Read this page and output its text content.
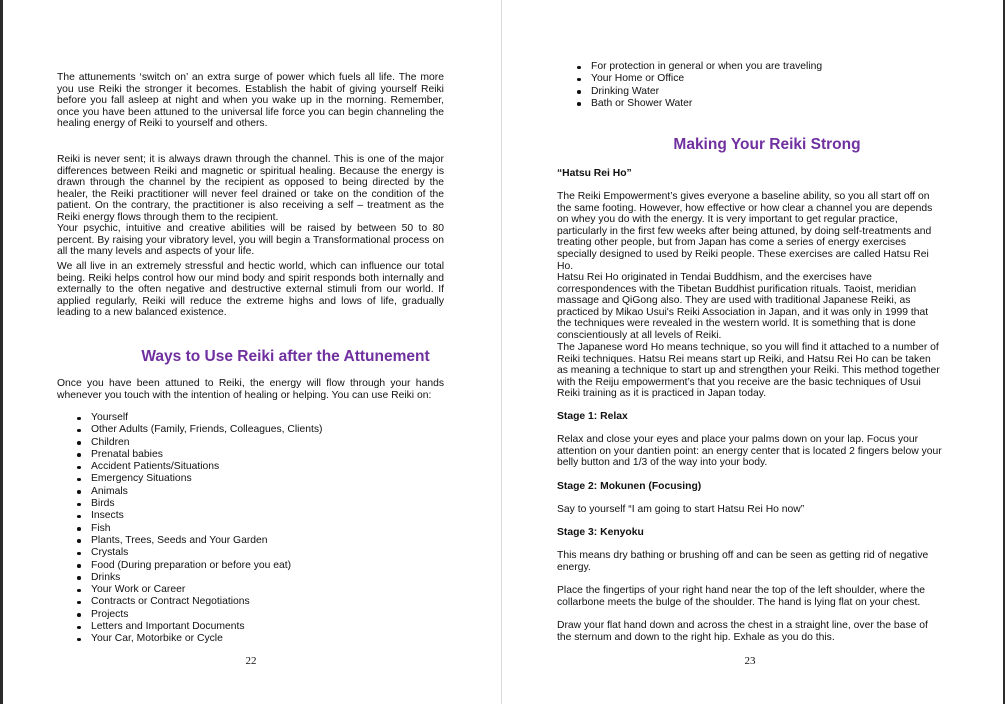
The attunements ‘switch on’ an extra surge of power which fuels all life. The more you use Reiki the stronger it becomes. Establish the habit of giving yourself Reiki before you fall asleep at night and when you wake up in the morning. Remember, once you have been attuned to the universal life force you can begin channeling the healing energy of Reiki to yourself and others.

Reiki is never sent; it is always drawn through the channel. This is one of the major differences between Reiki and magnetic or spiritual healing. Because the energy is drawn through the channel by the recipient as opposed to being directed by the healer, the Reiki practitioner will never feel drained or take on the condition of the patient. On the contrary, the practitioner is also receiving a self – treatment as the Reiki energy flows through them to the recipient.

Your psychic, intuitive and creative abilities will be raised by between 50 to 80 percent. By raising your vibratory level, you will begin a Transformational process on all the many levels and aspects of your life.

We all live in an extremely stressful and hectic world, which can influence our total being. Reiki helps control how our mind body and spirit responds both internally and externally to the often negative and destructive external stimuli from our world. If applied regularly, Reiki will reduce the extreme highs and lows of life, gradually leading to a new balanced existence.

Ways to Use Reiki after the Attunement

Once you have been attuned to Reiki, the energy will flow through your hands whenever you touch with the intention of healing or helping. You can use Reiki on:

Yourself
Other Adults (Family, Friends, Colleagues, Clients)
Children
Prenatal babies
Accident Patients/Situations
Emergency Situations
Animals
Birds
Insects
Fish
Plants, Trees, Seeds and Your Garden
Crystals
Food (During preparation or before you eat)
Drinks
Your Work or Career
Contracts or Contract Negotiations
Projects
Letters and Important Documents
Your Car, Motorbike or Cycle
22
For protection in general or when you are traveling
Your Home or Office
Drinking Water
Bath or Shower Water
Making Your Reiki Strong
“Hatsu Rei Ho”

The Reiki Empowerment’s gives everyone a baseline ability, so you all start off on the same footing. However, how effective or how clear a channel you are depends on whey you do with the energy. It is very important to get regular practice, particularly in the first few weeks after being attuned, by doing self-treatments and treating other people, but from Japan has come a series of energy exercises specially designed to used by Reiki people. These exercises are called Hatsu Rei Ho.

Hatsu Rei Ho originated in Tendai Buddhism, and the exercises have correspondences with the Tibetan Buddhist purification rituals. Taoist, meridian massage and QiGong also. They are used with traditional Japanese Reiki, as practiced by Mikao Usui's Reiki Association in Japan, and it was only in 1999 that the techniques were revealed in the western world. It is something that is done conscientiously at all levels of Reiki.

The Japanese word Ho means technique, so you will find it attached to a number of Reiki techniques. Hatsu Rei means start up Reiki, and Hatsu Rei Ho can be taken as meaning a technique to start up and strengthen your Reiki. This method together with the Reiju empowerment’s that you receive are the basic techniques of Usui Reiki training as it is practiced in Japan today.

Stage 1: Relax

Relax and close your eyes and place your palms down on your lap. Focus your attention on your dantien point: an energy center that is located 2 fingers below your belly button and 1/3 of the way into your body.

Stage 2: Mokunen (Focusing)

Say to yourself “I am going to start Hatsu Rei Ho now”

Stage 3: Kenyoku

This means dry bathing or brushing off and can be seen as getting rid of negative energy.

Place the fingertips of your right hand near the top of the left shoulder, where the collarbone meets the bulge of the shoulder. The hand is lying flat on your chest.

Draw your flat hand down and across the chest in a straight line, over the base of the sternum and down to the right hip. Exhale as you do this.

23
